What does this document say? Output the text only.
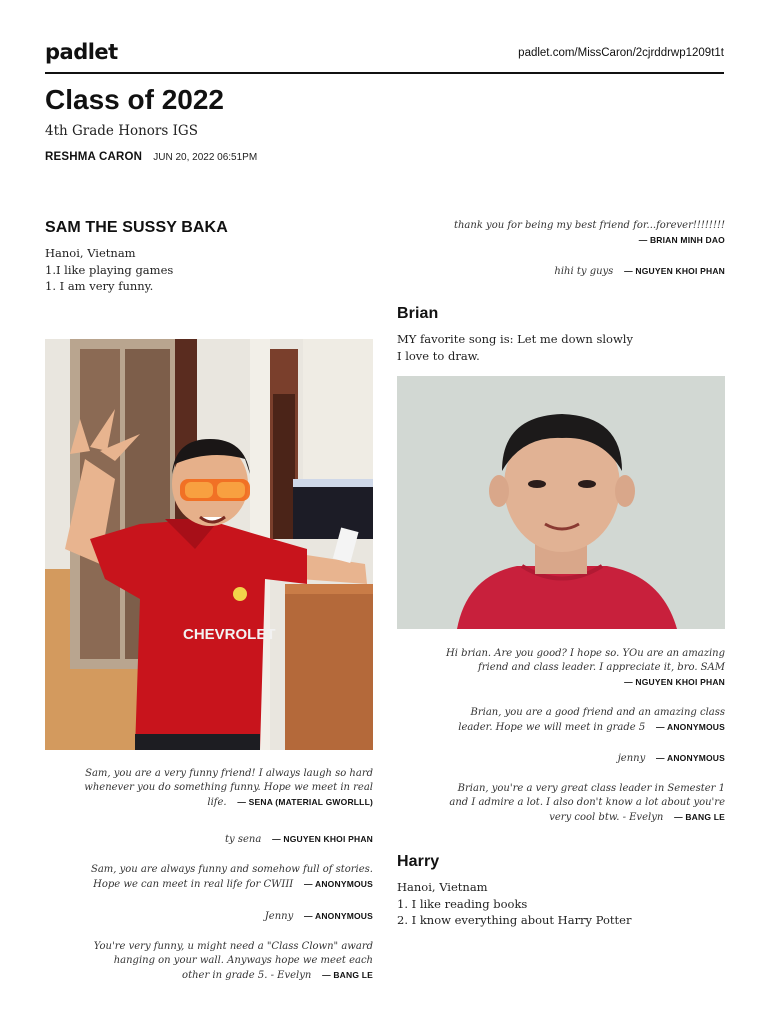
padlet	padlet.com/MissCaron/2cjrddrwp1209t1t
Class of 2022
4th Grade Honors IGS
RESHMA CARON JUN 20, 2022 06:51PM
SAM THE SUSSY BAKA
Hanoi, Vietnam
1.I like playing games
1. I am very funny.
CHEVROLET
Sam, you are a very funny friend! I always laugh so hard whenever you do something funny. Hope we meet in real life. — SENA (MATERIAL GWORLLL)
ty sena — NGUYEN KHOI PHAN
Sam, you are always funny and somehow full of stories. Hope we can meet in real life for CWIII — ANONYMOUS
Jenny — ANONYMOUS
You're very funny, u might need a "Class Clown" award hanging on your wall. Anyways hope we meet each other in grade 5. - Evelyn — BANG LE
thank you for being my best friend for...forever!!!!!!!!
— BRIAN MINH DAO
hihi ty guys — NGUYEN KHOI PHAN
Brian
MY favorite song is: Let me down slowly
I love to draw.
Hi brian. Are you good? I hope so. YOu are an amazing friend and class leader. I appreciate it, bro. SAM
— NGUYEN KHOI PHAN
Brian, you are a good friend and an amazing class leader. Hope we will meet in grade 5 — ANONYMOUS
jenny — ANONYMOUS
Brian, you're a very great class leader in Semester 1 and I admire a lot. I also don't know a lot about you're very cool btw. - Evelyn — BANG LE
Harry
Hanoi, Vietnam
1. I like reading books
2. I know everything about Harry Potter
